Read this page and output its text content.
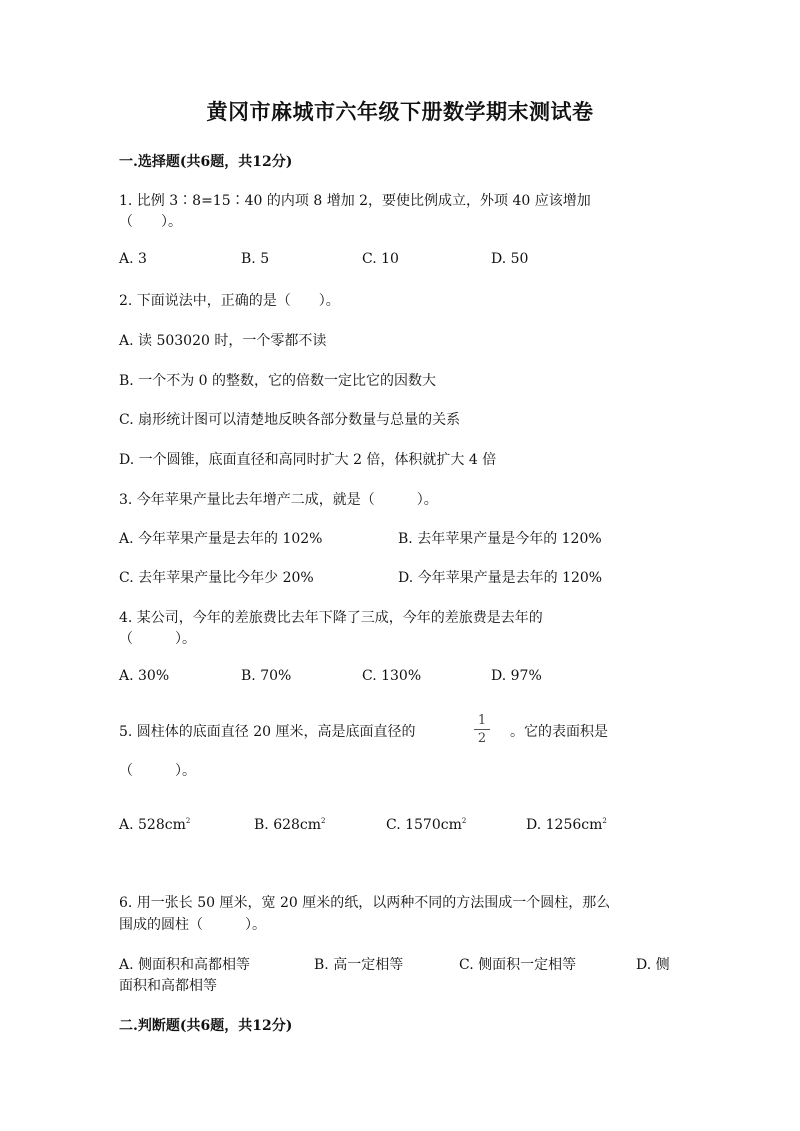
黄冈市麻城市六年级下册数学期末测试卷
一.选择题(共6题，共12分)
1. 比例 3∶8=15∶40 的内项 8 增加 2，要使比例成立，外项 40 应该增加
（　　）。
A. 3	B. 5	C. 10	D. 50
2. 下面说法中，正确的是（　　）。
A. 读 503020 时，一个零都不读
B. 一个不为 0 的整数，它的倍数一定比它的因数大
C. 扇形统计图可以清楚地反映各部分数量与总量的关系
D. 一个圆锥，底面直径和高同时扩大 2 倍，体积就扩大 4 倍
3. 今年苹果产量比去年增产二成，就是（　　　）。
A. 今年苹果产量是去年的 102%	B. 去年苹果产量是今年的 120%
C. 去年苹果产量比今年少 20%	D. 今年苹果产量是去年的 120%
4. 某公司，今年的差旅费比去年下降了三成，今年的差旅费是去年的
（　　　）。
A. 30%	B. 70%	C. 130%	D. 97%
5. 圆柱体的底面直径 20 厘米，高是底面直径的
1
2	。它的表面积是
（　　　）。
A. $528cm^2$	B. $628cm^2$	C. $1570cm^2$	D. $1256cm^2$
6. 用一张长 50 厘米，宽 20 厘米的纸，以两种不同的方法围成一个圆柱，那么
围成的圆柱（　　　）。
A. 侧面积和高都相等	B. 高一定相等	C. 侧面积一定相等	D. 侧
面积和高都相等
二.判断题(共6题，共12分)
